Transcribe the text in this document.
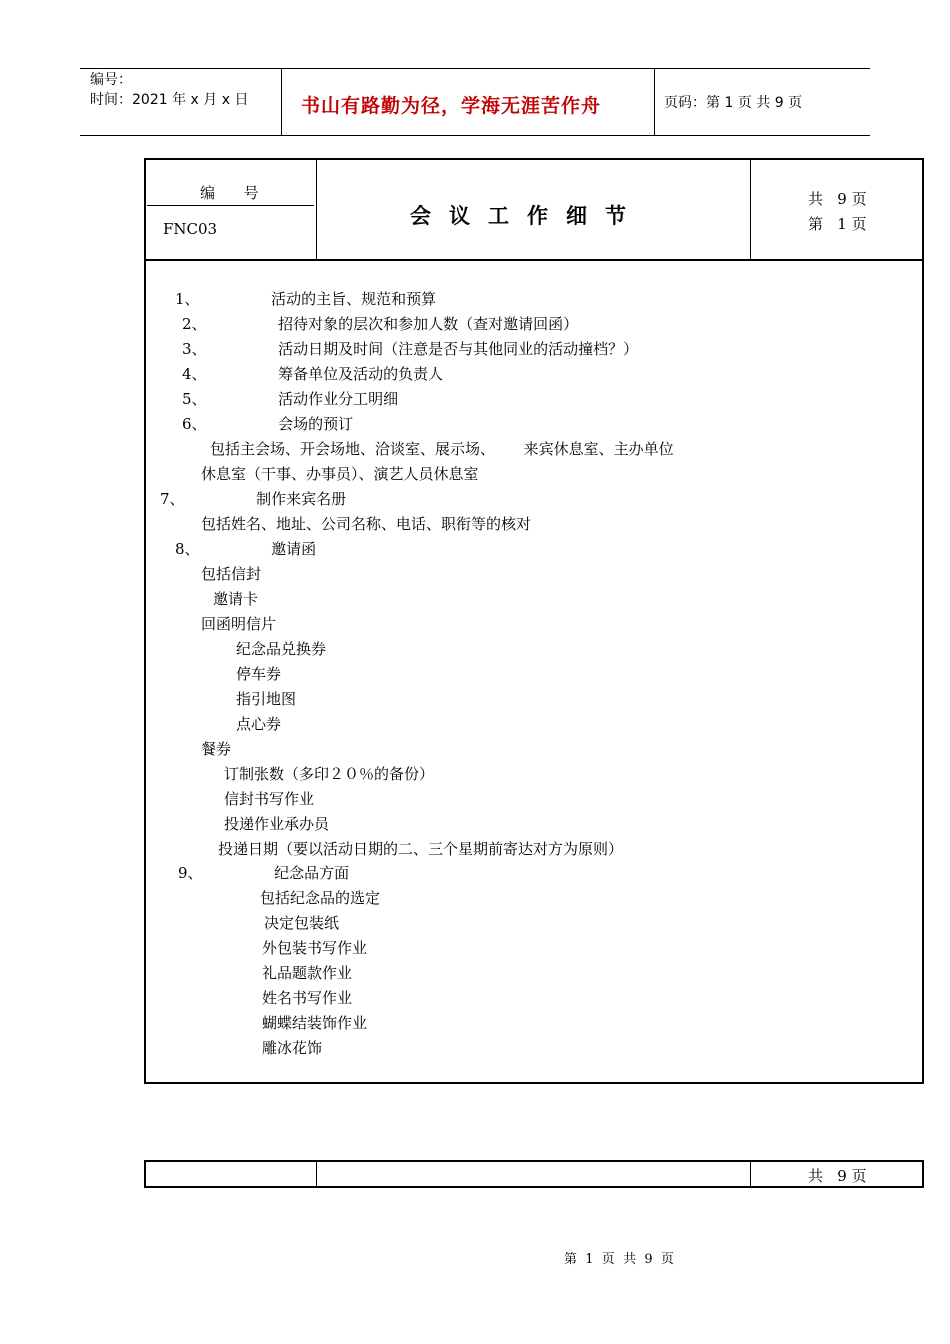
编号：
时间：2021 年 x 月 x 日	书山有路勤为径，学海无涯苦作舟	页码：第 1 页 共 9 页
编      号
FNC03
会议工作细节
共   9 页
第   1 页
1、               活动的主旨、规范和预算
2、               招待对象的层次和参加人数（查对邀请回函）
3、               活动日期及时间（注意是否与其他同业的活动撞档？）
4、               筹备单位及活动的负责人
5、               活动作业分工明细
6、               会场的预订
包括主会场、开会场地、洽谈室、展示场、      来宾休息室、主办单位
休息室（干事、办事员）、演艺人员休息室
7、               制作来宾名册
包括姓名、地址、公司名称、电话、职衔等的核对
8、               邀请函
包括信封
邀请卡
回函明信片
纪念品兑换券
停车券
指引地图
点心券
餐券
订制张数（多印２０％的备份）
信封书写作业
投递作业承办员
投递日期（要以活动日期的二、三个星期前寄达对方为原则）
9、               纪念品方面
包括纪念品的选定
决定包装纸
外包装书写作业
礼品题款作业
姓名书写作业
蝴蝶结装饰作业
雕冰花饰
共   9 页
第  1  页  共  9  页
